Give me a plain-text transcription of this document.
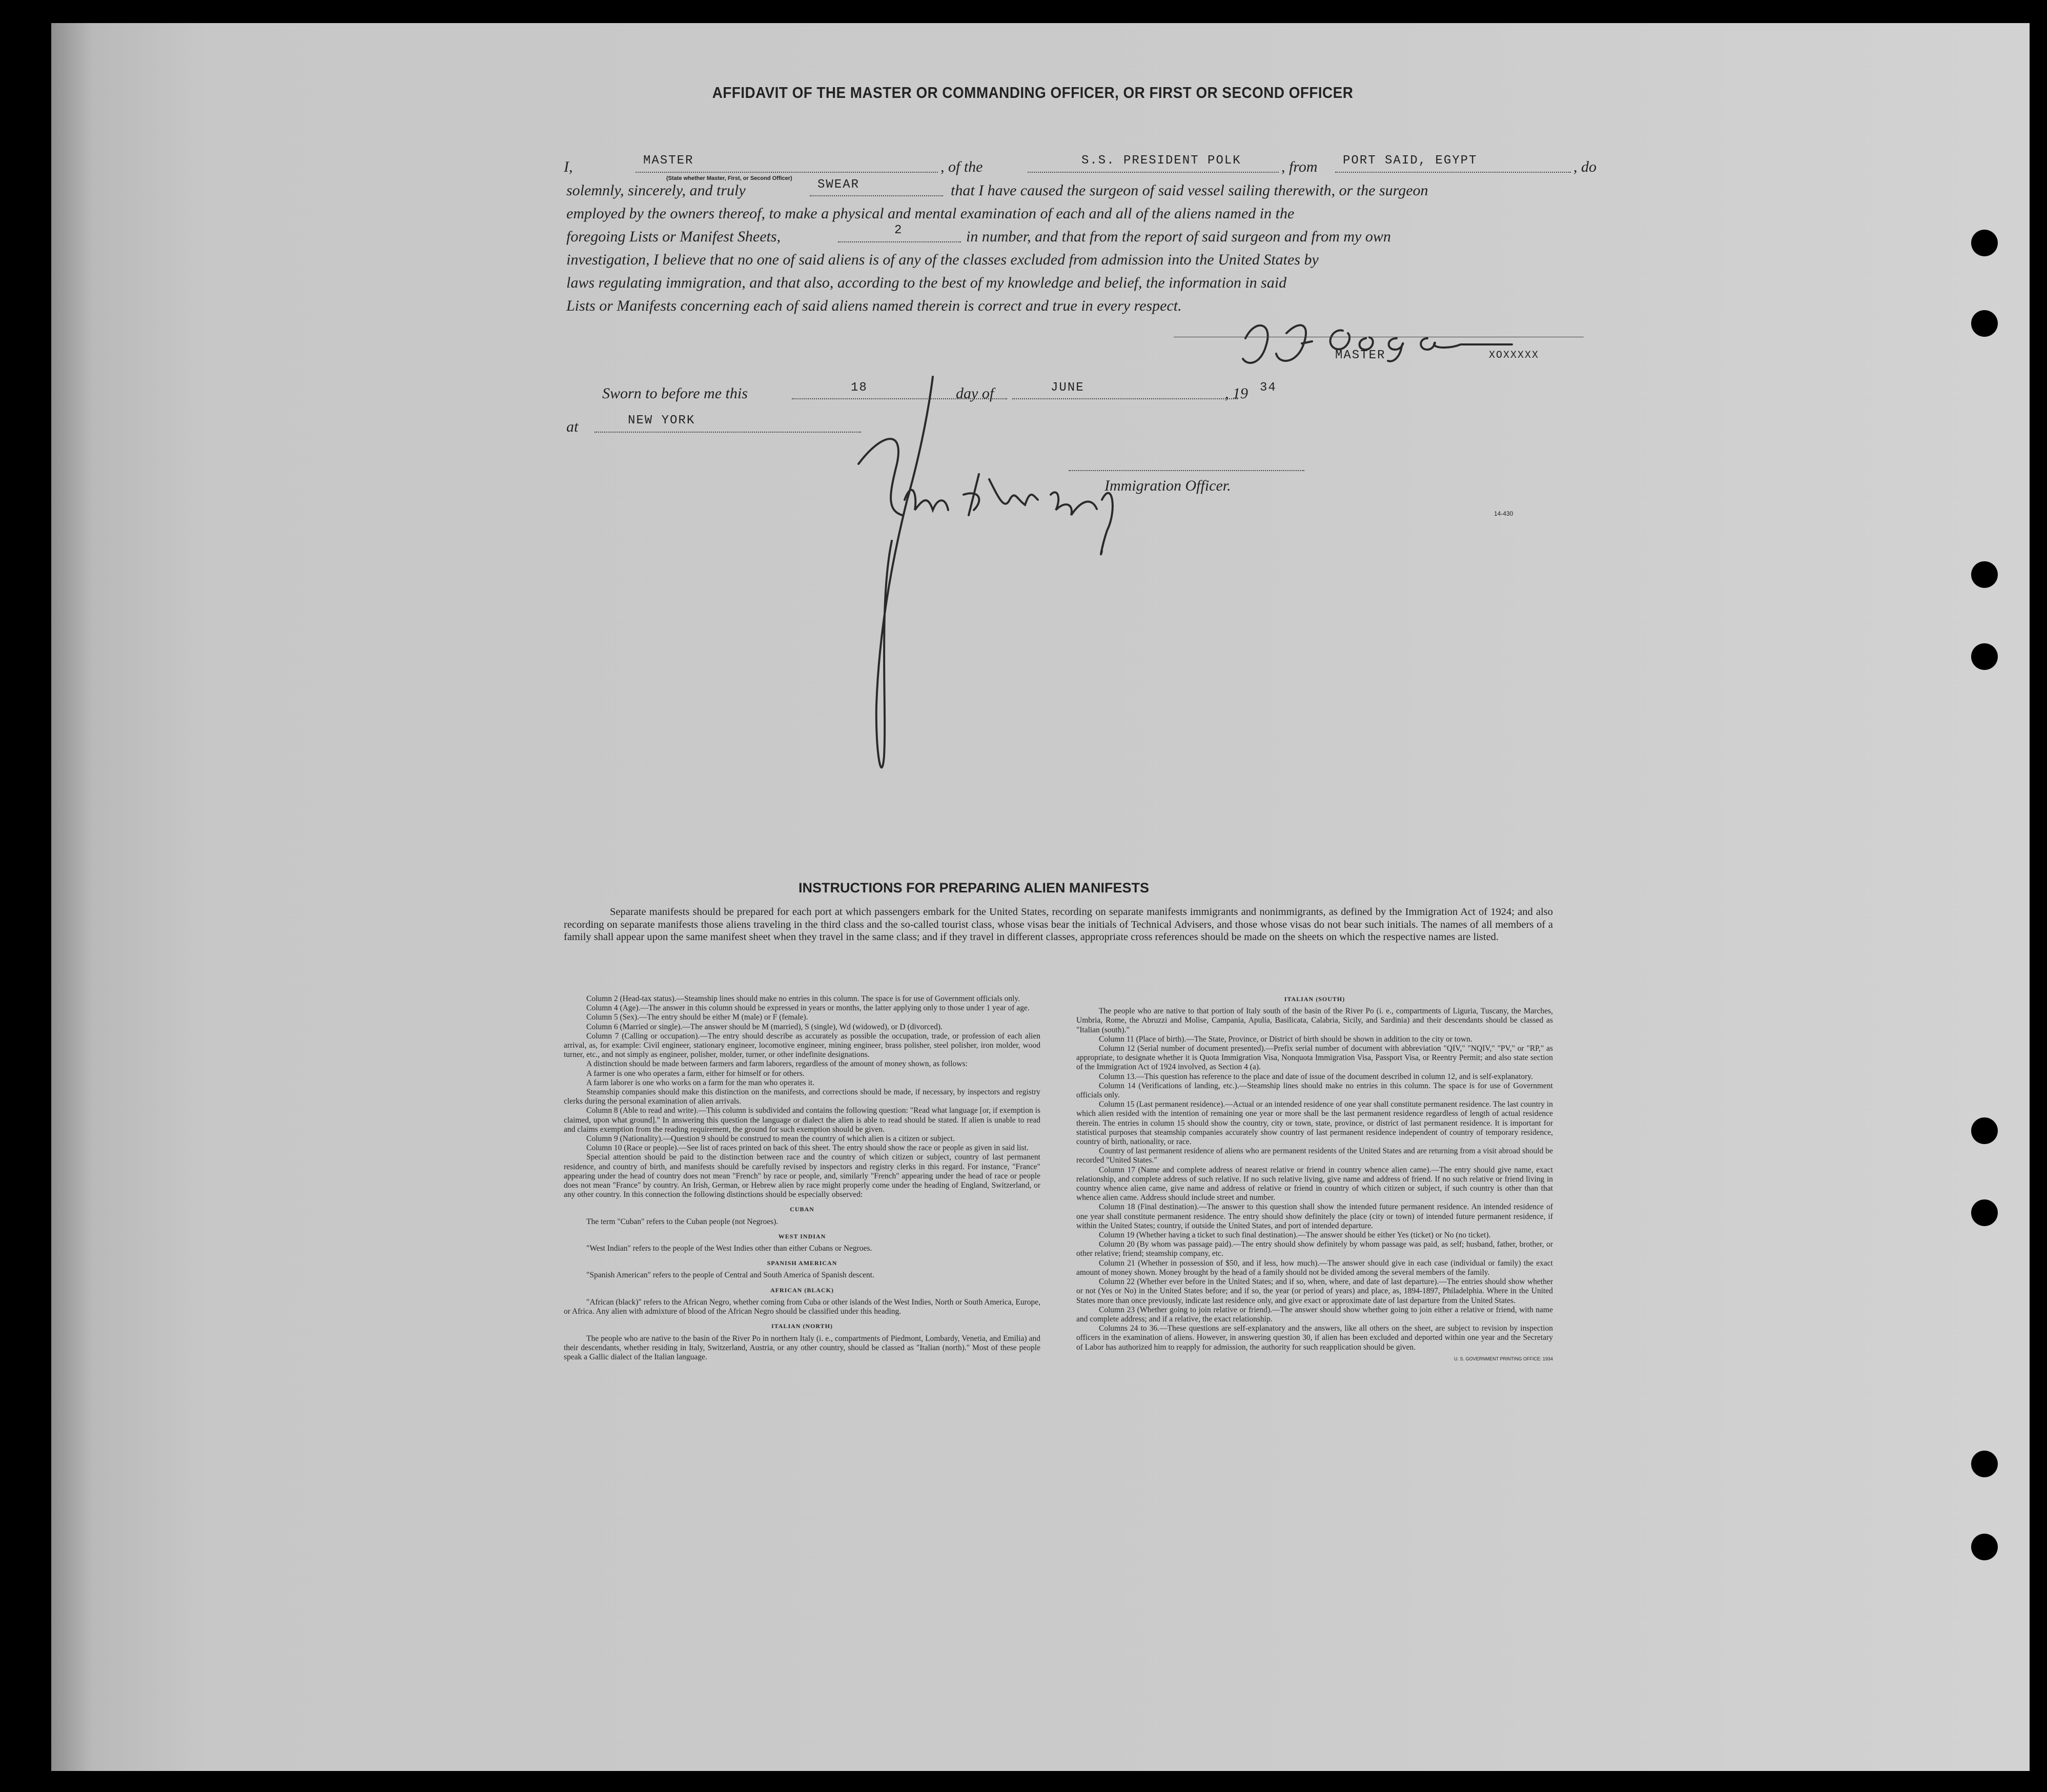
AFFIDAVIT OF THE MASTER OR COMMANDING OFFICER, OR FIRST OR SECOND OFFICER
I,	MASTER
(State whether Master, First, or Second Officer)
, of the	S.S. PRESIDENT POLK	, from PORT SAID, EGYPT	, do
solemnly, sincerely, and truly	SWEAR	that I have caused the surgeon of said vessel sailing therewith, or the surgeon
employed by the owners thereof, to make a physical and mental examination of each and all of the aliens named in the
foregoing Lists or Manifest Sheets,	2	in number, and that from the report of said surgeon and from my own
investigation, I believe that no one of said aliens is of any of the classes excluded from admission into the United States by
laws regulating immigration, and that also, according to the best of my knowledge and belief, the information in said
Lists or Manifests concerning each of said aliens named therein is correct and true in every respect.
MASTER	XOXXXXX
Sworn to before me this	18	day of	JUNE	, 19 34
at	NEW YORK
Immigration Officer.
14-430
INSTRUCTIONS FOR PREPARING ALIEN MANIFESTS
Separate manifests should be prepared for each port at which passengers embark for the United States, recording on separate manifests immigrants and nonimmigrants, as defined by the Immigration Act of 1924; and also recording on separate manifests those aliens traveling in the third class and the so-called tourist class, whose visas bear the initials of Technical Advisers, and those whose visas do not bear such initials. The names of all members of a family shall appear upon the same manifest sheet when they travel in the same class; and if they travel in different classes, appropriate cross references should be made on the sheets on which the respective names are listed.

Column 2 (Head-tax status).—Steamship lines should make no entries in this column. The space is for use of Government officials only.

Column 4 (Age).—The answer in this column should be expressed in years or months, the latter applying only to those under 1 year of age.

Column 5 (Sex).—The entry should be either M (male) or F (female).

Column 6 (Married or single).—The answer should be M (married), S (single), Wd (widowed), or D (divorced).

Column 7 (Calling or occupation).—The entry should describe as accurately as possible the occupation, trade, or profession of each alien arrival, as, for example: Civil engineer, stationary engineer, locomotive engineer, mining engineer, brass polisher, steel polisher, iron molder, wood turner, etc., and not simply as engineer, polisher, molder, turner, or other indefinite designations.

A distinction should be made between farmers and farm laborers, regardless of the amount of money shown, as follows:

A farmer is one who operates a farm, either for himself or for others.

A farm laborer is one who works on a farm for the man who operates it.

Steamship companies should make this distinction on the manifests, and corrections should be made, if necessary, by inspectors and registry clerks during the personal examination of alien arrivals.

Column 8 (Able to read and write).—This column is subdivided and contains the following question: "Read what language [or, if exemption is claimed, upon what ground]." In answering this question the language or dialect the alien is able to read should be stated. If alien is unable to read and claims exemption from the reading requirement, the ground for such exemption should be given.

Column 9 (Nationality).—Question 9 should be construed to mean the country of which alien is a citizen or subject.

Column 10 (Race or people).—See list of races printed on back of this sheet. The entry should show the race or people as given in said list.

Special attention should be paid to the distinction between race and the country of which citizen or subject, country of last permanent residence, and country of birth, and manifests should be carefully revised by inspectors and registry clerks in this regard. For instance, "France" appearing under the head of country does not mean "French" by race or people, and, similarly "French" appearing under the head of race or people does not mean "France" by country. An Irish, German, or Hebrew alien by race might properly come under the heading of England, Switzerland, or any other country. In this connection the following distinctions should be especially observed:

CUBAN

The term "Cuban" refers to the Cuban people (not Negroes).

WEST INDIAN

"West Indian" refers to the people of the West Indies other than either Cubans or Negroes.

SPANISH AMERICAN

"Spanish American" refers to the people of Central and South America of Spanish descent.

AFRICAN (BLACK)

"African (black)" refers to the African Negro, whether coming from Cuba or other islands of the West Indies, North or South America, Europe, or Africa. Any alien with admixture of blood of the African Negro should be classified under this heading.

ITALIAN (NORTH)

The people who are native to the basin of the River Po in northern Italy (i. e., compartments of Piedmont, Lombardy, Venetia, and Emilia) and their descendants, whether residing in Italy, Switzerland, Austria, or any other country, should be classed as "Italian (north)." Most of these people speak a Gallic dialect of the Italian language.

ITALIAN (SOUTH)

The people who are native to that portion of Italy south of the basin of the River Po (i. e., compartments of Liguria, Tuscany, the Marches, Umbria, Rome, the Abruzzi and Molise, Campania, Apulia, Basilicata, Calabria, Sicily, and Sardinia) and their descendants should be classed as "Italian (south)."

Column 11 (Place of birth).—The State, Province, or District of birth should be shown in addition to the city or town.

Column 12 (Serial number of document presented).—Prefix serial number of document with abbreviation "QIV," "NQIV," "PV," or "RP," as appropriate, to designate whether it is Quota Immigration Visa, Nonquota Immigration Visa, Passport Visa, or Reentry Permit; and also state section of the Immigration Act of 1924 involved, as Section 4 (a).

Column 13.—This question has reference to the place and date of issue of the document described in column 12, and is self-explanatory.

Column 14 (Verifications of landing, etc.).—Steamship lines should make no entries in this column. The space is for use of Government officials only.

Column 15 (Last permanent residence).—Actual or an intended residence of one year shall constitute permanent residence. The last country in which alien resided with the intention of remaining one year or more shall be the last permanent residence regardless of length of actual residence therein. The entries in column 15 should show the country, city or town, state, province, or district of last permanent residence. It is important for statistical purposes that steamship companies accurately show country of last permanent residence independent of country of temporary residence, country of birth, nationality, or race.

Country of last permanent residence of aliens who are permanent residents of the United States and are returning from a visit abroad should be recorded "United States."

Column 17 (Name and complete address of nearest relative or friend in country whence alien came).—The entry should give name, exact relationship, and complete address of such relative. If no such relative living, give name and address of friend. If no such relative or friend living in country whence alien came, give name and address of relative or friend in country of which citizen or subject, if such country is other than that whence alien came. Address should include street and number.

Column 18 (Final destination).—The answer to this question shall show the intended future permanent residence. An intended residence of one year shall constitute permanent residence. The entry should show definitely the place (city or town) of intended future permanent residence, if within the United States; country, if outside the United States, and port of intended departure.

Column 19 (Whether having a ticket to such final destination).—The answer should be either Yes (ticket) or No (no ticket).

Column 20 (By whom was passage paid).—The entry should show definitely by whom passage was paid, as self; husband, father, brother, or other relative; friend; steamship company, etc.

Column 21 (Whether in possession of $50, and if less, how much).—The answer should give in each case (individual or family) the exact amount of money shown. Money brought by the head of a family should not be divided among the several members of the family.

Column 22 (Whether ever before in the United States; and if so, when, where, and date of last departure).—The entries should show whether or not (Yes or No) in the United States before; and if so, the year (or period of years) and place, as, 1894-1897, Philadelphia. Where in the United States more than once previously, indicate last residence only, and give exact or approximate date of last departure from the United States.

Column 23 (Whether going to join relative or friend).—The answer should show whether going to join either a relative or friend, with name and complete address; and if a relative, the exact relationship.

Columns 24 to 36.—These questions are self-explanatory and the answers, like all others on the sheet, are subject to revision by inspection officers in the examination of aliens. However, in answering question 30, if alien has been excluded and deported within one year and the Secretary of Labor has authorized him to reapply for admission, the authority for such reapplication should be given.

U. S. GOVERNMENT PRINTING OFFICE: 1934
